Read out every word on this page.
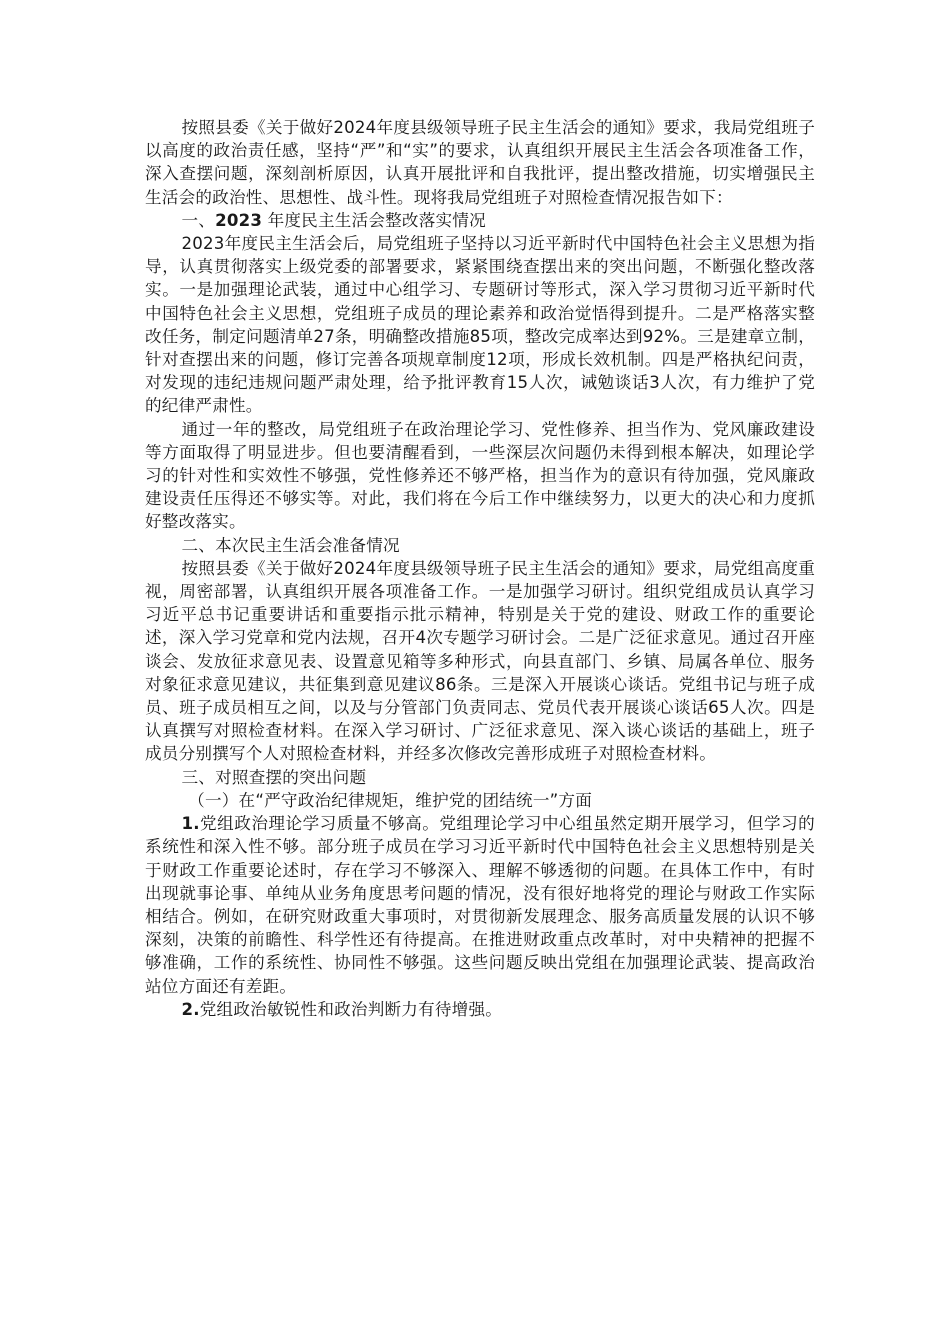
按照县委《关于做好2024年度县级领导班子民主生活会的通知》要求，我局党组班子以高度的政治责任感，坚持“严”和“实”的要求，认真组织开展民主生活会各项准备工作，深入查摆问题，深刻剖析原因，认真开展批评和自我批评，提出整改措施，切实增强民主生活会的政治性、思想性、战斗性。现将我局党组班子对照检查情况报告如下：

一、2023 年度民主生活会整改落实情况

2023年度民主生活会后，局党组班子坚持以习近平新时代中国特色社会主义思想为指导，认真贯彻落实上级党委的部署要求，紧紧围绕查摆出来的突出问题，不断强化整改落实。一是加强理论武装，通过中心组学习、专题研讨等形式，深入学习贯彻习近平新时代中国特色社会主义思想，党组班子成员的理论素养和政治觉悟得到提升。二是严格落实整改任务，制定问题清单27条，明确整改措施85项，整改完成率达到92%。三是建章立制，针对查摆出来的问题，修订完善各项规章制度12项，形成长效机制。四是严格执纪问责，对发现的违纪违规问题严肃处理，给予批评教育15人次，诫勉谈话3人次，有力维护了党的纪律严肃性。

通过一年的整改，局党组班子在政治理论学习、党性修养、担当作为、党风廉政建设等方面取得了明显进步。但也要清醒看到，一些深层次问题仍未得到根本解决，如理论学习的针对性和实效性不够强，党性修养还不够严格，担当作为的意识有待加强，党风廉政建设责任压得还不够实等。对此，我们将在今后工作中继续努力，以更大的决心和力度抓好整改落实。

二、本次民主生活会准备情况

按照县委《关于做好2024年度县级领导班子民主生活会的通知》要求，局党组高度重视，周密部署，认真组织开展各项准备工作。一是加强学习研讨。组织党组成员认真学习习近平总书记重要讲话和重要指示批示精神，特别是关于党的建设、财政工作的重要论述，深入学习党章和党内法规，召开4次专题学习研讨会。二是广泛征求意见。通过召开座谈会、发放征求意见表、设置意见箱等多种形式，向县直部门、乡镇、局属各单位、服务对象征求意见建议，共征集到意见建议86条。三是深入开展谈心谈话。党组书记与班子成员、班子成员相互之间，以及与分管部门负责同志、党员代表开展谈心谈话65人次。四是认真撰写对照检查材料。在深入学习研讨、广泛征求意见、深入谈心谈话的基础上，班子成员分别撰写个人对照检查材料，并经多次修改完善形成班子对照检查材料。

三、对照查摆的突出问题

（一）在“严守政治纪律规矩，维护党的团结统一”方面

1.党组政治理论学习质量不够高。党组理论学习中心组虽然定期开展学习，但学习的系统性和深入性不够。部分班子成员在学习习近平新时代中国特色社会主义思想特别是关于财政工作重要论述时，存在学习不够深入、理解不够透彻的问题。在具体工作中，有时出现就事论事、单纯从业务角度思考问题的情况，没有很好地将党的理论与财政工作实际相结合。例如，在研究财政重大事项时，对贯彻新发展理念、服务高质量发展的认识不够深刻，决策的前瞻性、科学性还有待提高。在推进财政重点改革时，对中央精神的把握不够准确，工作的系统性、协同性不够强。这些问题反映出党组在加强理论武装、提高政治站位方面还有差距。

2.党组政治敏锐性和政治判断力有待增强。
